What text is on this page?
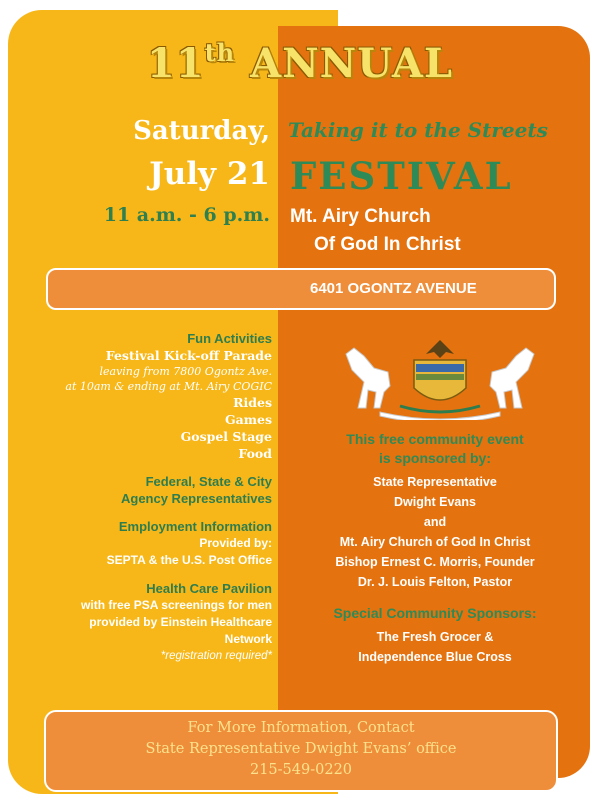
11th ANNUAL
Saturday,
July 21
11 a.m. - 6 p.m.
Taking it to the Streets
FESTIVAL
Mt. Airy Church
Of God In Christ
6401 OGONTZ AVENUE
Fun Activities
Festival Kick-off Parade
leaving from 7800 Ogontz Ave.
at 10am & ending at Mt. Airy COGIC
Rides
Games
Gospel Stage
Food
Federal, State & City
Agency Representatives
Employment Information
Provided by:
SEPTA & the U.S. Post Office
Health Care Pavilion
with free PSA screenings for men
provided by Einstein Healthcare
Network
*registration required*
This free community event
is sponsored by:
State Representative
Dwight Evans
and
Mt. Airy Church of God In Christ
Bishop Ernest C. Morris, Founder
Dr. J. Louis Felton, Pastor
Special Community Sponsors:
The Fresh Grocer &
Independence Blue Cross
For More Information, Contact
State Representative Dwight Evans’ office
215-549-0220
